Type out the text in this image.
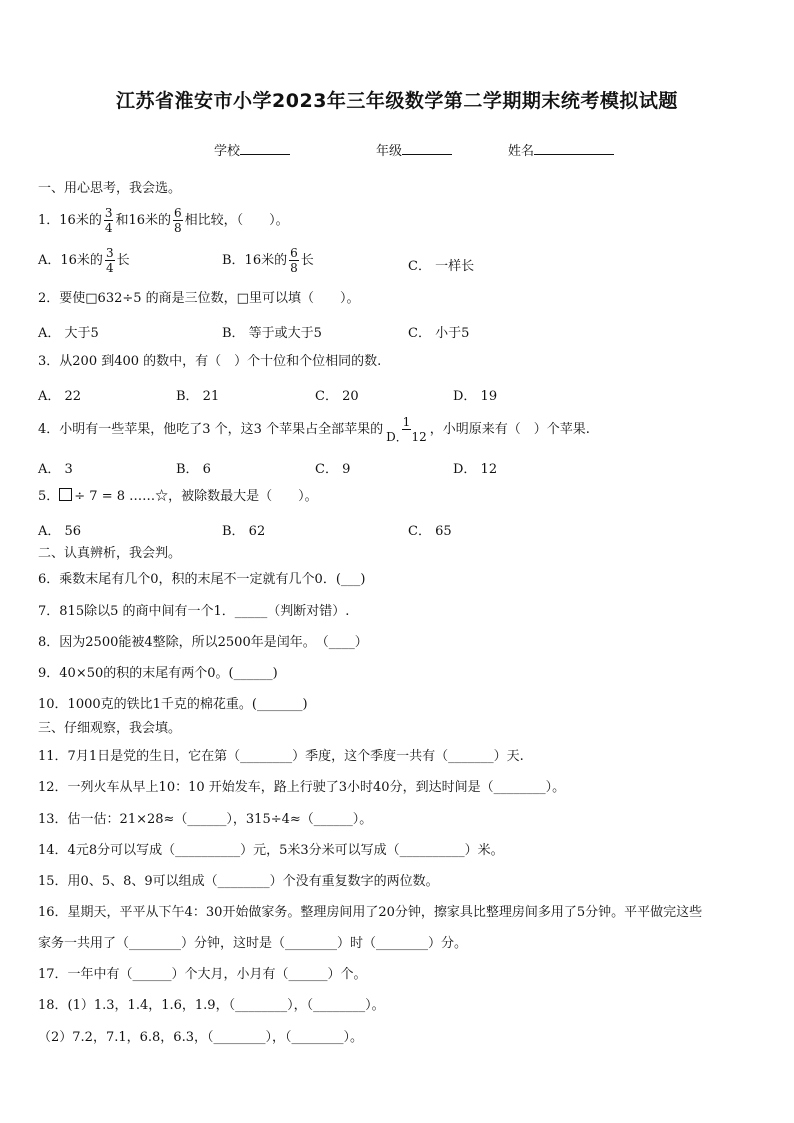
江苏省淮安市小学2023年三年级数学第二学期期末统考模拟试题
学校	年级	姓名
一、用心思考，我会选。
1．16米的 $\frac{3}{4}$ 和16米的 $\frac{6}{8}$ 相比较，（　　）。
A．16米的 $\frac{3}{4}$ 长	B．16米的 $\frac{6}{8}$ 长	C． 一样长
2．要使□632÷5 的商是三位数，□里可以填（　　）。
A． 大于5	B． 等于或大于5	C． 小于5
3．从200 到400 的数中，有（　）个十位和个位相同的数.
A． 22	B． 21	C． 20	D． 19
4．小明有一些苹果，他吃了3 个，这3 个苹果占全部苹果的 $\frac{1}{D. 12}$ ，小明原来有（　）个苹果.
A． 3	B． 6	C． 9	D． 12
5． ÷ 7 = 8 ……☆，被除数最大是（　　）。
A． 56	B． 62	C． 65
二、认真辨析，我会判。
6．乘数末尾有几个0，积的末尾不一定就有几个0．(___)
7．815除以5 的商中间有一个1．_____（判断对错）.
8．因为2500能被4整除，所以2500年是闰年。　（____）
9．40×50的积的末尾有两个0。(______)
10．1000克的铁比1千克的棉花重。(_______)
三、仔细观察，我会填。
11．7月1日是党的生日，它在第（________）季度，这个季度一共有（_______）天.
12．一列火车从早上10：10 开始发车，路上行驶了3小时40分，到达时间是（________）。
13．估一估：21×28≈（______），315÷4≈（______）。
14．4元8分可以写成（__________）元，5米3分米可以写成（__________）米。
15．用0、5、8、9可以组成（________）个没有重复数字的两位数。
16．星期天，平平从下午4：30开始做家务。整理房间用了20分钟，擦家具比整理房间多用了5分钟。平平做完这些
家务一共用了（________）分钟，这时是（________）时（________）分。
17．一年中有（______）个大月，小月有（______）个。
18．(1）1.3，1.4，1.6，1.9，（________），（________）。
（2）7.2，7.1，6.8，6.3，（________），（________）。
